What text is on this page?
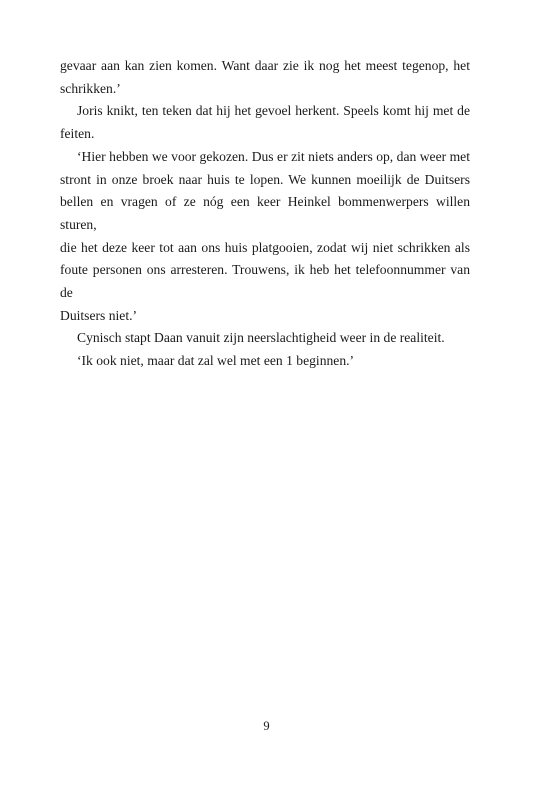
gevaar aan kan zien komen. Want daar zie ik nog het meest tegenop, het
schrikken.’

Joris knikt, ten teken dat hij het gevoel herkent. Speels komt hij met de
feiten.

‘Hier hebben we voor gekozen. Dus er zit niets anders op, dan weer met
stront in onze broek naar huis te lopen. We kunnen moeilijk de Duitsers
bellen en vragen of ze nóg een keer Heinkel bommenwerpers willen sturen,
die het deze keer tot aan ons huis platgooien, zodat wij niet schrikken als
foute personen ons arresteren. Trouwens, ik heb het telefoonnummer van de
Duitsers niet.’

Cynisch stapt Daan vanuit zijn neerslachtigheid weer in de realiteit.

‘Ik ook niet, maar dat zal wel met een 1 beginnen.’

9
